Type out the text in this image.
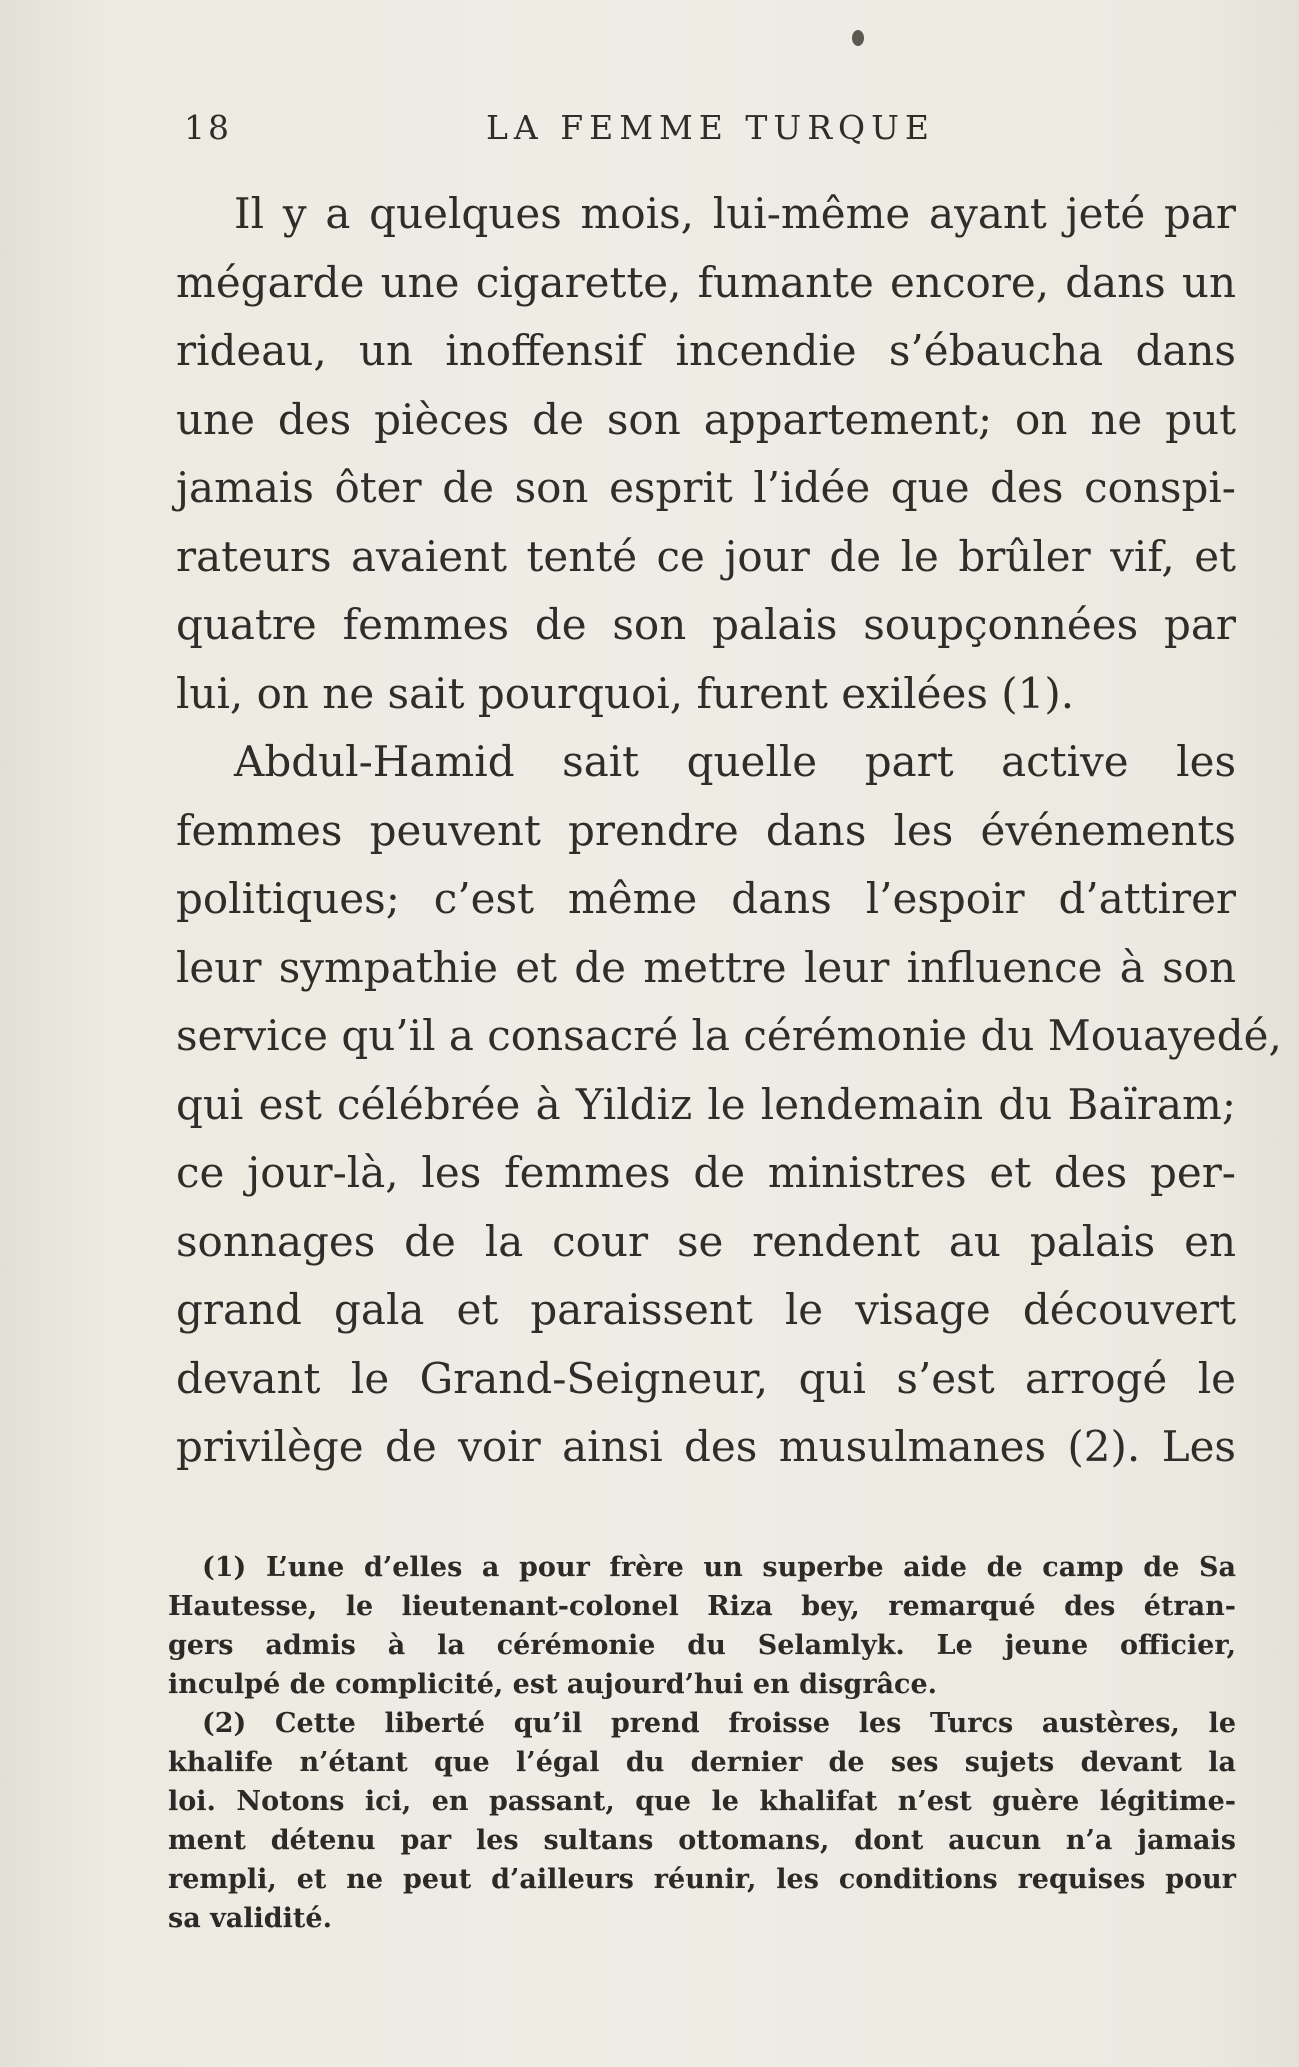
18	LA FEMME TURQUE
Il y a quelques mois, lui-même ayant jeté par
mégarde une cigarette, fumante encore, dans un
rideau, un inoffensif incendie s’ébaucha dans
une des pièces de son appartement; on ne put
jamais ôter de son esprit l’idée que des conspi-
rateurs avaient tenté ce jour de le brûler vif, et
quatre femmes de son palais soupçonnées par
lui, on ne sait pourquoi, furent exilées (1).
Abdul-Hamid sait quelle part active les
femmes peuvent prendre dans les événements
politiques; c’est même dans l’espoir d’attirer
leur sympathie et de mettre leur influence à son
service qu’il a consacré la cérémonie du Mouayedé,
qui est célébrée à Yildiz le lendemain du Baïram;
ce jour-là, les femmes de ministres et des per-
sonnages de la cour se rendent au palais en
grand gala et paraissent le visage découvert
devant le Grand-Seigneur, qui s’est arrogé le
privilège de voir ainsi des musulmanes (2). Les
(1) L’une d’elles a pour frère un superbe aide de camp de Sa
Hautesse, le lieutenant-colonel Riza bey, remarqué des étran-
gers admis à la cérémonie du Selamlyk. Le jeune officier,
inculpé de complicité, est aujourd’hui en disgrâce.
(2) Cette liberté qu’il prend froisse les Turcs austères, le
khalife n’étant que l’égal du dernier de ses sujets devant la
loi. Notons ici, en passant, que le khalifat n’est guère légitime-
ment détenu par les sultans ottomans, dont aucun n’a jamais
rempli, et ne peut d’ailleurs réunir, les conditions requises pour
sa validité.
